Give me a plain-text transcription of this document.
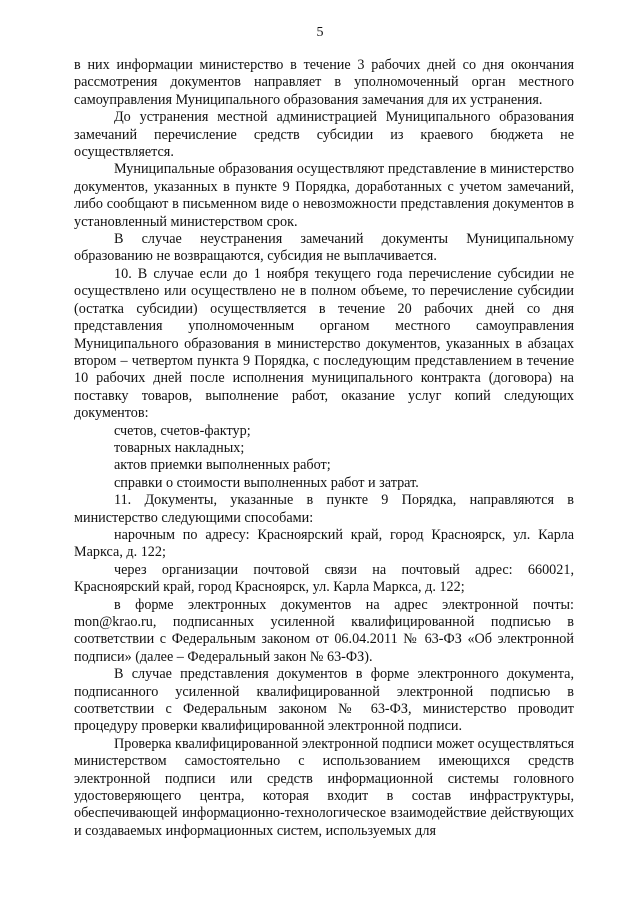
5

в них информации министерство в течение 3 рабочих дней со дня окончания рассмотрения документов направляет в уполномоченный орган местного самоуправления Муниципального образования замечания для их устранения.

До устранения местной администрацией Муниципального образования замечаний перечисление средств субсидии из краевого бюджета не осуществляется.

Муниципальные образования осуществляют представление в министерство документов, указанных в пункте 9 Порядка, доработанных с учетом замечаний, либо сообщают в письменном виде о невозможности представления документов в установленный министерством срок.

В случае неустранения замечаний документы Муниципальному образованию не возвращаются, субсидия не выплачивается.

10. В случае если до 1 ноября текущего года перечисление субсидии не осуществлено или осуществлено не в полном объеме, то перечисление субсидии (остатка субсидии) осуществляется в течение 20 рабочих дней со дня представления уполномоченным органом местного самоуправления Муниципального образования в министерство документов, указанных в абзацах втором – четвертом пункта 9 Порядка, с последующим представлением в течение 10 рабочих дней после исполнения муниципального контракта (договора) на поставку товаров, выполнение работ, оказание услуг копий следующих документов:

счетов, счетов-фактур;

товарных накладных;

актов приемки выполненных работ;

справки о стоимости выполненных работ и затрат.

11. Документы, указанные в пункте 9 Порядка, направляются в министерство следующими способами:

нарочным по адресу: Красноярский край, город Красноярск, ул. Карла Маркса, д. 122;

через организации почтовой связи на почтовый адрес: 660021, Красноярский край, город Красноярск, ул. Карла Маркса, д. 122;

в форме электронных документов на адрес электронной почты: mon@krao.ru, подписанных усиленной квалифицированной подписью в соответствии с Федеральным законом от 06.04.2011 № 63-ФЗ «Об электронной подписи» (далее – Федеральный закон № 63-ФЗ).

В случае представления документов в форме электронного документа, подписанного усиленной квалифицированной электронной подписью в соответствии с Федеральным законом № 63-ФЗ, министерство проводит процедуру проверки квалифицированной электронной подписи.

Проверка квалифицированной электронной подписи может осуществляться министерством самостоятельно с использованием имеющихся средств электронной подписи или средств информационной системы головного удостоверяющего центра, которая входит в состав инфраструктуры, обеспечивающей информационно-технологическое взаимодействие действующих и создаваемых информационных систем, используемых для
